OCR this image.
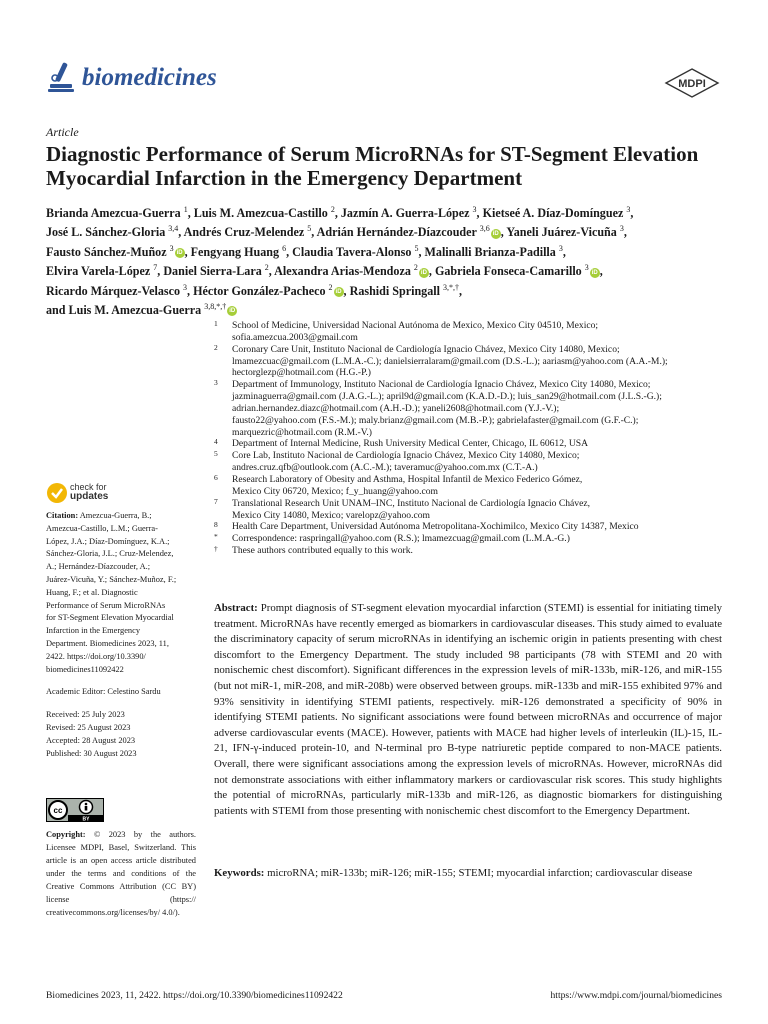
biomedicines	MDPI
Article
Diagnostic Performance of Serum MicroRNAs for ST-Segment Elevation Myocardial Infarction in the Emergency Department
Brianda Amezcua-Guerra $^1$, Luis M. Amezcua-Castillo $^2$, Jazmín A. Guerra-López $^3$, Kietseé A. Díaz-Domínguez $^3$,
José L. Sánchez-Gloria $^{3,4}$, Andrés Cruz-Melendez $^5$, Adrián Hernández-Díazcouder $^{3,6}$iD , Yaneli Juárez-Vicuña $^3$,
Fausto Sánchez-Muñoz $^3$iD , Fengyang Huang $^6$, Claudia Tavera-Alonso $^5$, Malinalli Brianza-Padilla $^3$,
Elvira Varela-López $^7$, Daniel Sierra-Lara $^2$, Alexandra Arias-Mendoza $^2$iD , Gabriela Fonseca-Camarillo $^3$iD ,
Ricardo Márquez-Velasco $^3$, Héctor González-Pacheco $^2$iD , Rashidi Springall $^{3,*,\dagger}$,
and Luis M. Amezcua-Guerra $^{3,8,*,\dagger}$iD
1 School of Medicine, Universidad Nacional Autónoma de Mexico, Mexico City 04510, Mexico;
sofia.amezcua.2003@gmail.com
2 Coronary Care Unit, Instituto Nacional de Cardiología Ignacio Chávez, Mexico City 14080, Mexico;
lmamezcuac@gmail.com (L.M.A.-C.); danielsierralaram@gmail.com (D.S.-L.); aariasm@yahoo.com (A.A.-M.);
hectorglezp@hotmail.com (H.G.-P.)
3 Department of Immunology, Instituto Nacional de Cardiología Ignacio Chávez, Mexico City 14080, Mexico;
jazminaguerra@gmail.com (J.A.G.-L.); april9d@gmail.com (K.A.D.-D.); luis_san29@hotmail.com (J.L.S.-G.);
adrian.hernandez.diazc@hotmail.com (A.H.-D.); yaneli2608@hotmail.com (Y.J.-V.);
fausto22@yahoo.com (F.S.-M.); maly.brianz@gmail.com (M.B.-P.); gabrielafaster@gmail.com (G.F.-C.);
marquezric@hotmail.com (R.M.-V.)
4 Department of Internal Medicine, Rush University Medical Center, Chicago, IL 60612, USA
5 Core Lab, Instituto Nacional de Cardiología Ignacio Chávez, Mexico City 14080, Mexico;
andres.cruz.qfb@outlook.com (A.C.-M.); taveramuc@yahoo.com.mx (C.T.-A.)
6 Research Laboratory of Obesity and Asthma, Hospital Infantil de Mexico Federico Gómez,
Mexico City 06720, Mexico; f_y_huang@yahoo.com
7 Translational Research Unit UNAM–INC, Instituto Nacional de Cardiología Ignacio Chávez,
Mexico City 14080, Mexico; varelopz@yahoo.com
8 Health Care Department, Universidad Autónoma Metropolitana-Xochimilco, Mexico City 14387, Mexico
* Correspondence: raspringall@yahoo.com (R.S.); lmamezcuag@gmail.com (L.M.A.-G.)
† These authors contributed equally to this work.
check for
updates
Citation: Amezcua-Guerra, B.;
Amezcua-Castillo, L.M.; Guerra-
López, J.A.; Díaz-Domínguez, K.A.;
Sánchez-Gloria, J.L.; Cruz-Melendez,
A.; Hernández-Díazcouder, A.;
Juárez-Vicuña, Y.; Sánchez-Muñoz, F.;
Huang, F.; et al. Diagnostic
Performance of Serum MicroRNAs
for ST-Segment Elevation Myocardial
Infarction in the Emergency
Department. Biomedicines 2023, 11,
2422. https://doi.org/10.3390/
biomedicines11092422
Academic Editor: Celestino Sardu
Received: 25 July 2023
Revised: 25 August 2023
Accepted: 28 August 2023
Published: 30 August 2023
cc
BY
Copyright: © 2023 by the authors. Licensee MDPI, Basel, Switzerland. This article is an open access article distributed under the terms and conditions of the Creative Commons Attribution (CC BY) license (https:// creativecommons.org/licenses/by/ 4.0/).
Abstract: Prompt diagnosis of ST-segment elevation myocardial infarction (STEMI) is essential for initiating timely treatment. MicroRNAs have recently emerged as biomarkers in cardiovascular diseases. This study aimed to evaluate the discriminatory capacity of serum microRNAs in identifying an ischemic origin in patients presenting with chest discomfort to the Emergency Department. The study included 98 participants (78 with STEMI and 20 with nonischemic chest discomfort). Significant differences in the expression levels of miR-133b, miR-126, and miR-155 (but not miR-1, miR-208, and miR-208b) were observed between groups. miR-133b and miR-155 exhibited 97% and 93% sensitivity in identifying STEMI patients, respectively. miR-126 demonstrated a specificity of 90% in identifying STEMI patients. No significant associations were found between microRNAs and occurrence of major adverse cardiovascular events (MACE). However, patients with MACE had higher levels of interleukin (IL)-15, IL-21, IFN-γ-induced protein-10, and N-terminal pro B-type natriuretic peptide compared to non-MACE patients. Overall, there were significant associations among the expression levels of microRNAs. However, microRNAs did not demonstrate associations with either inflammatory markers or cardiovascular risk scores. This study highlights the potential of microRNAs, particularly miR-133b and miR-126, as diagnostic biomarkers for distinguishing patients with STEMI from those presenting with nonischemic chest discomfort to the Emergency Department.
Keywords: microRNA; miR-133b; miR-126; miR-155; STEMI; myocardial infarction; cardiovascular disease
Biomedicines 2023, 11, 2422. https://doi.org/10.3390/biomedicines11092422	https://www.mdpi.com/journal/biomedicines
